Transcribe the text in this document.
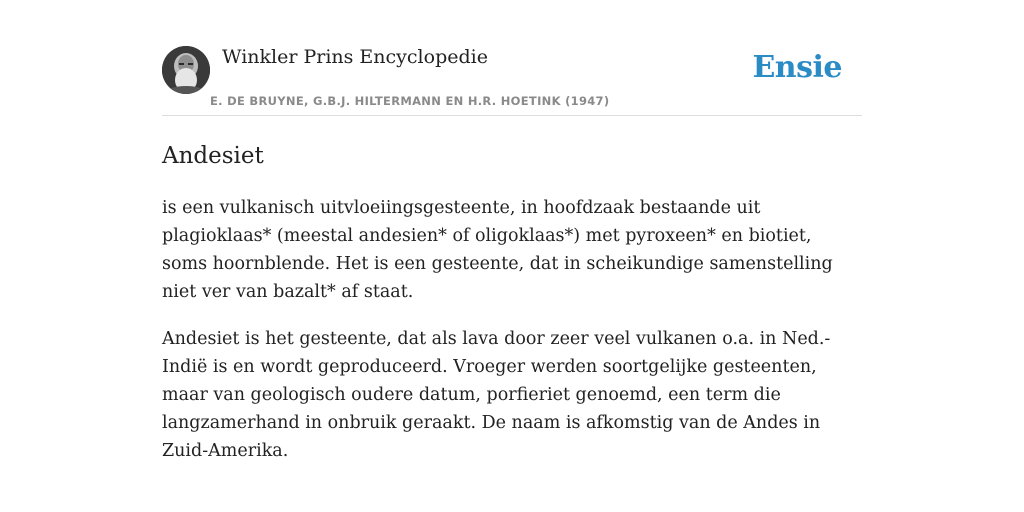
Winkler Prins Encyclopedie
E. DE BRUYNE, G.B.J. HILTERMANN EN H.R. HOETINK (1947)
Ensie
Andesiet

is een vulkanisch uitvloeiingsgesteente, in hoofdzaak bestaande uit plagioklaas* (meestal andesien* of oligoklaas*) met pyroxeen* en biotiet, soms hoornblende. Het is een gesteente, dat in scheikundige samenstelling niet ver van bazalt* af staat.

Andesiet is het gesteente, dat als lava door zeer veel vulkanen o.a. in Ned.-Indië is en wordt geproduceerd. Vroeger werden soortgelijke gesteenten, maar van geologisch oudere datum, porfieriet genoemd, een term die langzamerhand in onbruik geraakt. De naam is afkomstig van de Andes in Zuid-Amerika.
